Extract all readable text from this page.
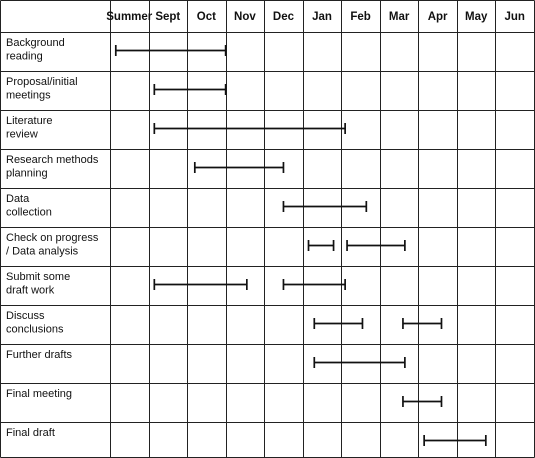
Summer Sept Oct Nov Dec Jan Feb Mar Apr May Jun
Background reading
Proposal/initial meetings
Literature review
Research methods planning
Data collection
Check on progress / Data analysis
Submit some draft work
Discuss conclusions
Further drafts
Final meeting
Final draft
